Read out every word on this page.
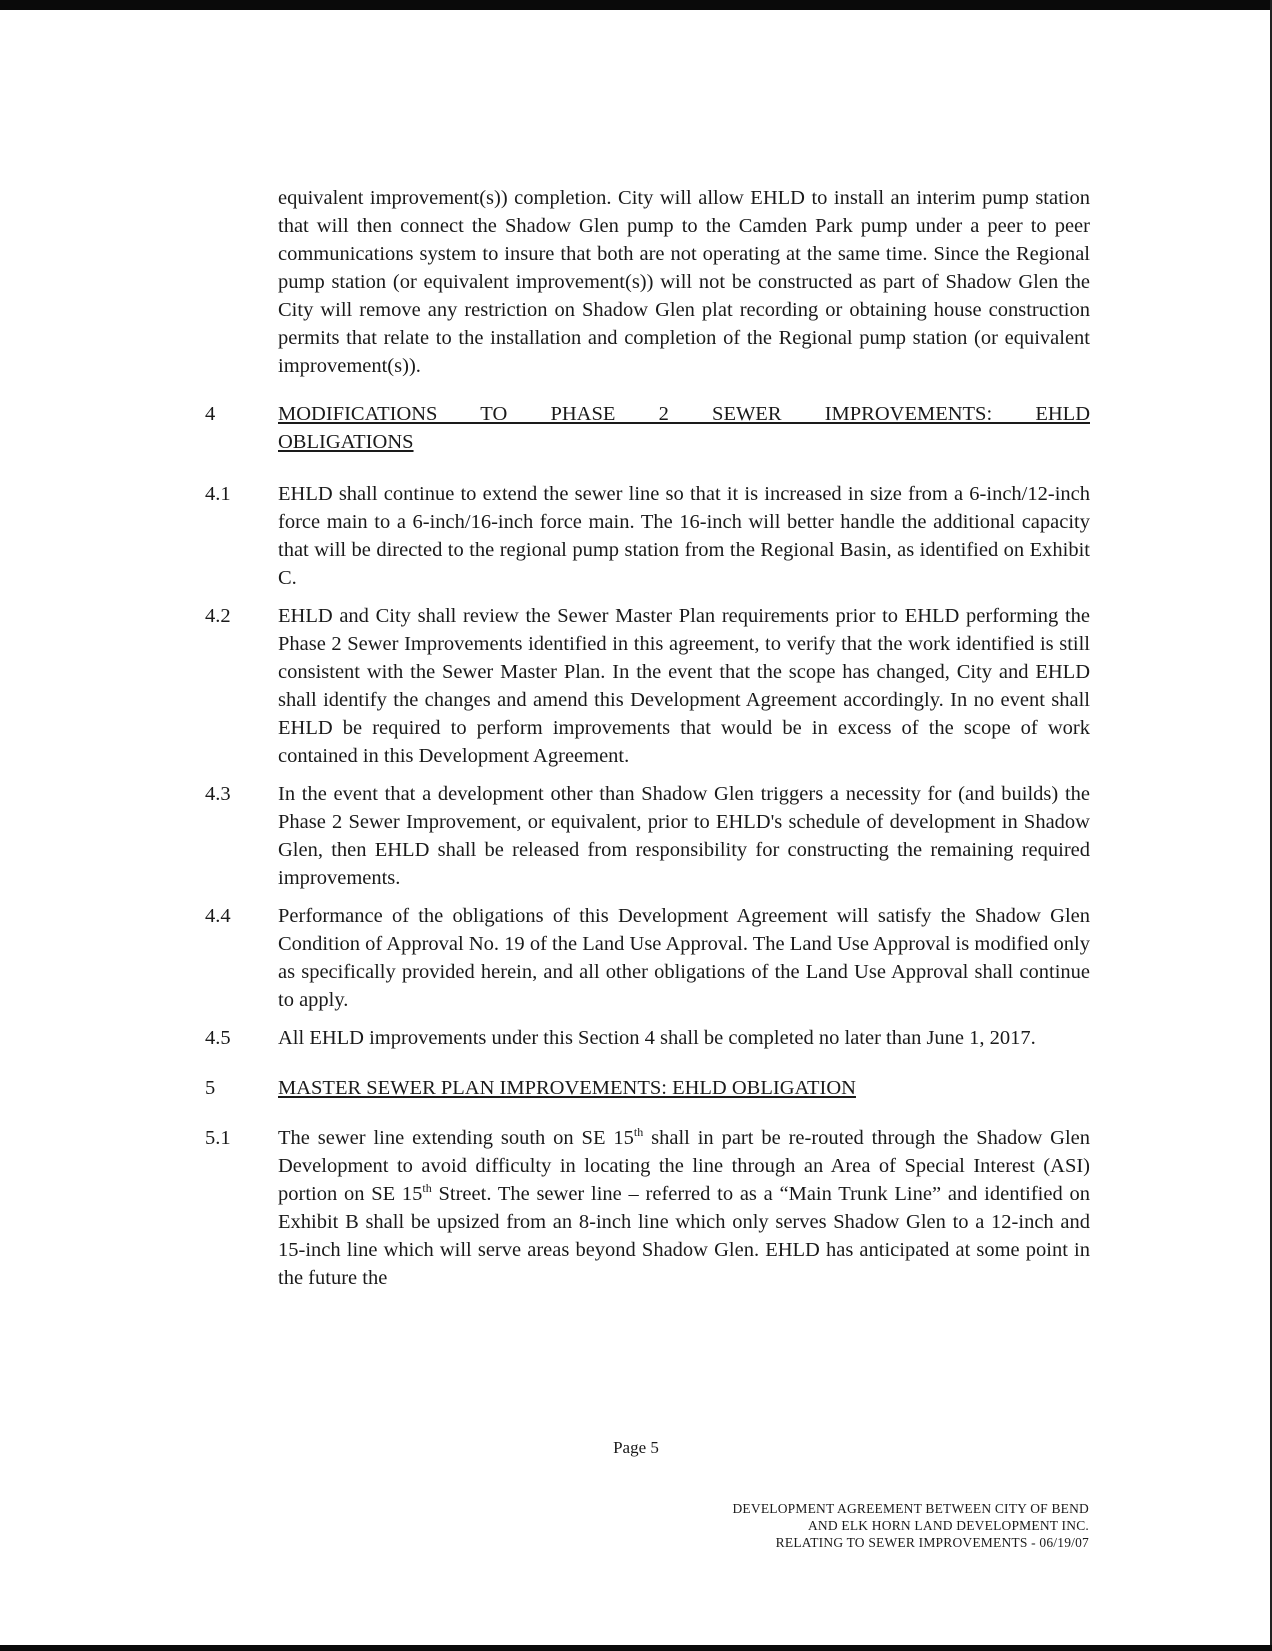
equivalent improvement(s)) completion. City will allow EHLD to install an interim pump station that will then connect the Shadow Glen pump to the Camden Park pump under a peer to peer communications system to insure that both are not operating at the same time. Since the Regional pump station (or equivalent improvement(s)) will not be constructed as part of Shadow Glen the City will remove any restriction on Shadow Glen plat recording or obtaining house construction permits that relate to the installation and completion of the Regional pump station (or equivalent improvement(s)).
4	MODIFICATIONS TO PHASE 2 SEWER IMPROVEMENTS: EHLD
OBLIGATIONS
4.1	EHLD shall continue to extend the sewer line so that it is increased in size from a 6-inch/12-inch force main to a 6-inch/16-inch force main. The 16-inch will better handle the additional capacity that will be directed to the regional pump station from the Regional Basin, as identified on Exhibit C.
4.2	EHLD and City shall review the Sewer Master Plan requirements prior to EHLD performing the Phase 2 Sewer Improvements identified in this agreement, to verify that the work identified is still consistent with the Sewer Master Plan. In the event that the scope has changed, City and EHLD shall identify the changes and amend this Development Agreement accordingly. In no event shall EHLD be required to perform improvements that would be in excess of the scope of work contained in this Development Agreement.
4.3	In the event that a development other than Shadow Glen triggers a necessity for (and builds) the Phase 2 Sewer Improvement, or equivalent, prior to EHLD's schedule of development in Shadow Glen, then EHLD shall be released from responsibility for constructing the remaining required improvements.
4.4	Performance of the obligations of this Development Agreement will satisfy the Shadow Glen Condition of Approval No. 19 of the Land Use Approval. The Land Use Approval is modified only as specifically provided herein, and all other obligations of the Land Use Approval shall continue to apply.
4.5	All EHLD improvements under this Section 4 shall be completed no later than June 1, 2017.
5	MASTER SEWER PLAN IMPROVEMENTS: EHLD OBLIGATION
5.1	The sewer line extending south on SE 15th shall in part be re-routed through the Shadow Glen Development to avoid difficulty in locating the line through an Area of Special Interest (ASI) portion on SE 15th Street. The sewer line – referred to as a “Main Trunk Line” and identified on Exhibit B shall be upsized from an 8-inch line which only serves Shadow Glen to a 12-inch and 15-inch line which will serve areas beyond Shadow Glen. EHLD has anticipated at some point in the future the
Page 5
DEVELOPMENT AGREEMENT BETWEEN CITY OF BEND
AND ELK HORN LAND DEVELOPMENT INC.
RELATING TO SEWER IMPROVEMENTS - 06/19/07
